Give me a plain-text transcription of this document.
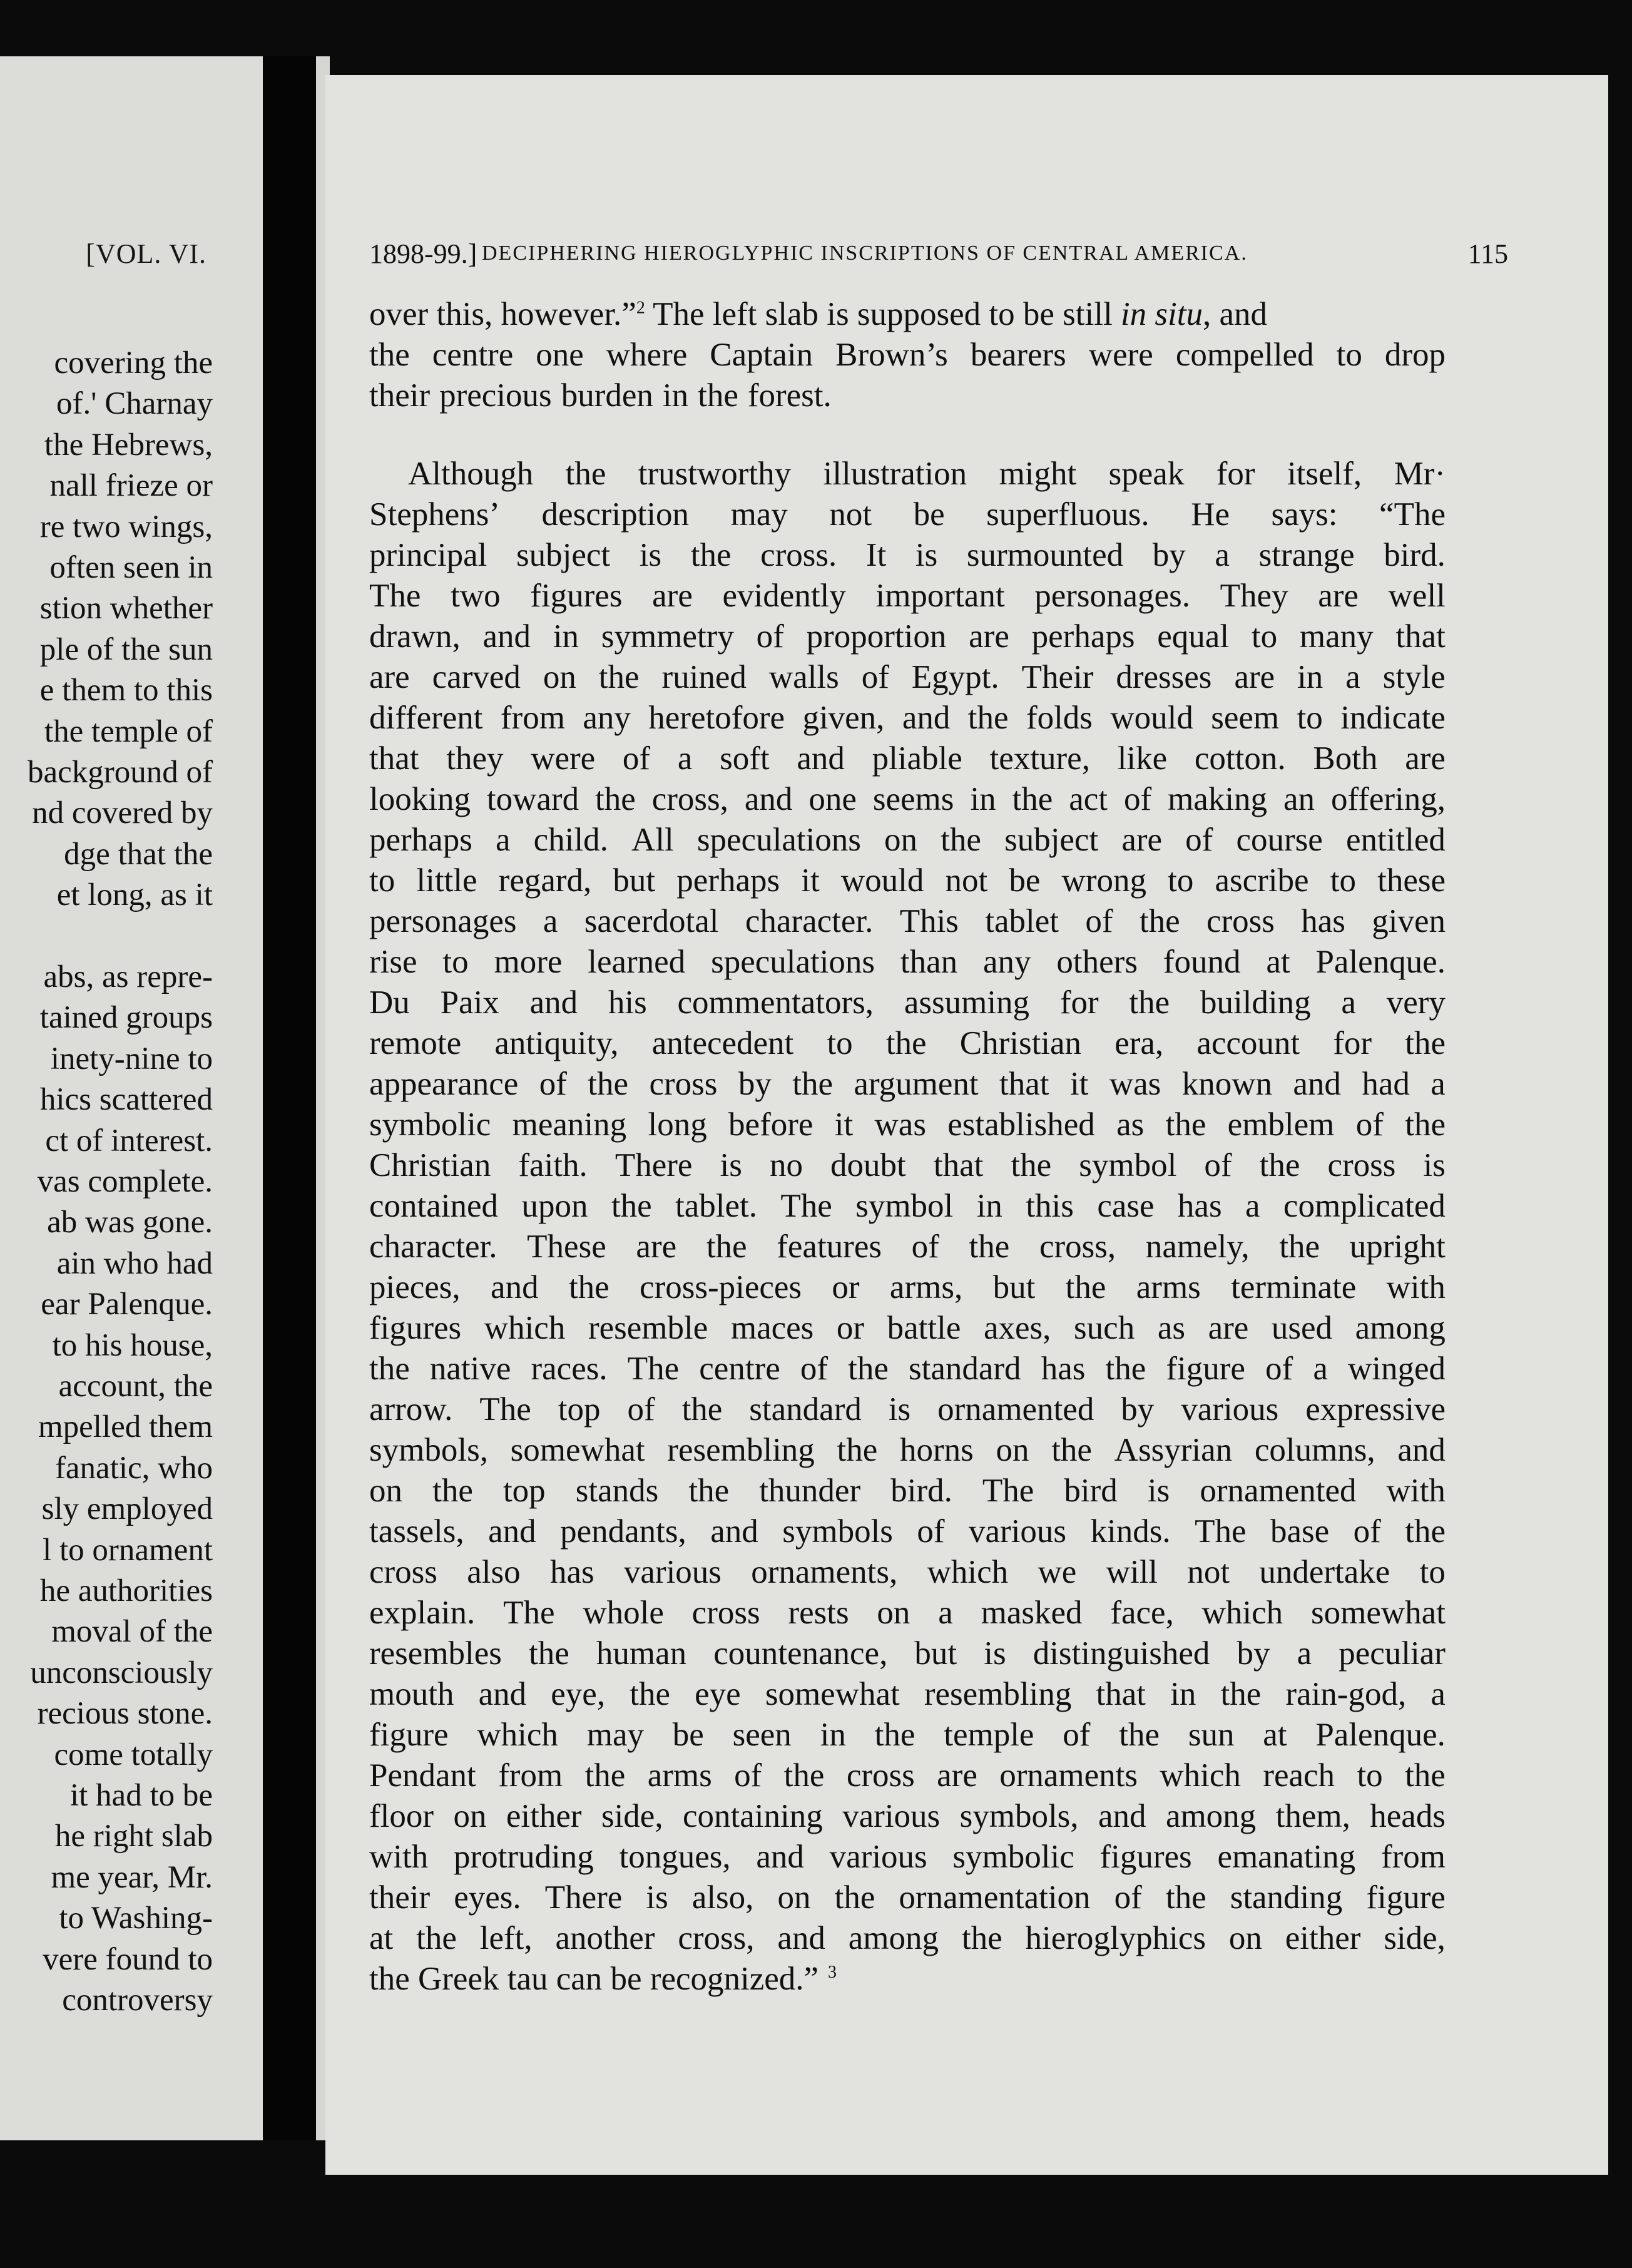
[VOL. VI.
covering the
of.' Charnay
the Hebrews,
nall frieze or
re two wings,
often seen in
stion whether
ple of the sun
e them to this
the temple of
background of
nd covered by
dge that the
et long, as it
abs, as repre-
tained groups
inety-nine to
hics scattered
ct of interest.
vas complete.
ab was gone.
ain who had
ear Palenque.
to his house,
account, the
mpelled them
fanatic, who
sly employed
l to ornament
he authorities
moval of the
unconsciously
recious stone.
come totally
it had to be
he right slab
me year, Mr.
to Washing-
vere found to
controversy
1898-99.] DECIPHERING HIEROGLYPHIC INSCRIPTIONS OF CENTRAL AMERICA.	115
over this, however.”$^2$ The left slab is supposed to be still in situ, and
the centre one where Captain Brown’s bearers were compelled to drop
their precious burden in the forest.
Although the trustworthy illustration might speak for itself, Mr·
Stephens’ description may not be superfluous. He says: “The
principal subject is the cross. It is surmounted by a strange bird.
The two figures are evidently important personages. They are well
drawn, and in symmetry of proportion are perhaps equal to many that
are carved on the ruined walls of Egypt. Their dresses are in a style
different from any heretofore given, and the folds would seem to indicate
that they were of a soft and pliable texture, like cotton. Both are
looking toward the cross, and one seems in the act of making an offering,
perhaps a child. All speculations on the subject are of course entitled
to little regard, but perhaps it would not be wrong to ascribe to these
personages a sacerdotal character. This tablet of the cross has given
rise to more learned speculations than any others found at Palenque.
Du Paix and his commentators, assuming for the building a very
remote antiquity, antecedent to the Christian era, account for the
appearance of the cross by the argument that it was known and had a
symbolic meaning long before it was established as the emblem of the
Christian faith. There is no doubt that the symbol of the cross is
contained upon the tablet. The symbol in this case has a complicated
character. These are the features of the cross, namely, the upright
pieces, and the cross-pieces or arms, but the arms terminate with
figures which resemble maces or battle axes, such as are used among
the native races. The centre of the standard has the figure of a winged
arrow. The top of the standard is ornamented by various expressive
symbols, somewhat resembling the horns on the Assyrian columns, and
on the top stands the thunder bird. The bird is ornamented with
tassels, and pendants, and symbols of various kinds. The base of the
cross also has various ornaments, which we will not undertake to
explain. The whole cross rests on a masked face, which somewhat
resembles the human countenance, but is distinguished by a peculiar
mouth and eye, the eye somewhat resembling that in the rain-god, a
figure which may be seen in the temple of the sun at Palenque.
Pendant from the arms of the cross are ornaments which reach to the
floor on either side, containing various symbols, and among them, heads
with protruding tongues, and various symbolic figures emanating from
their eyes. There is also, on the ornamentation of the standing figure
at the left, another cross, and among the hieroglyphics on either side,
the Greek tau can be recognized.” $^3$
